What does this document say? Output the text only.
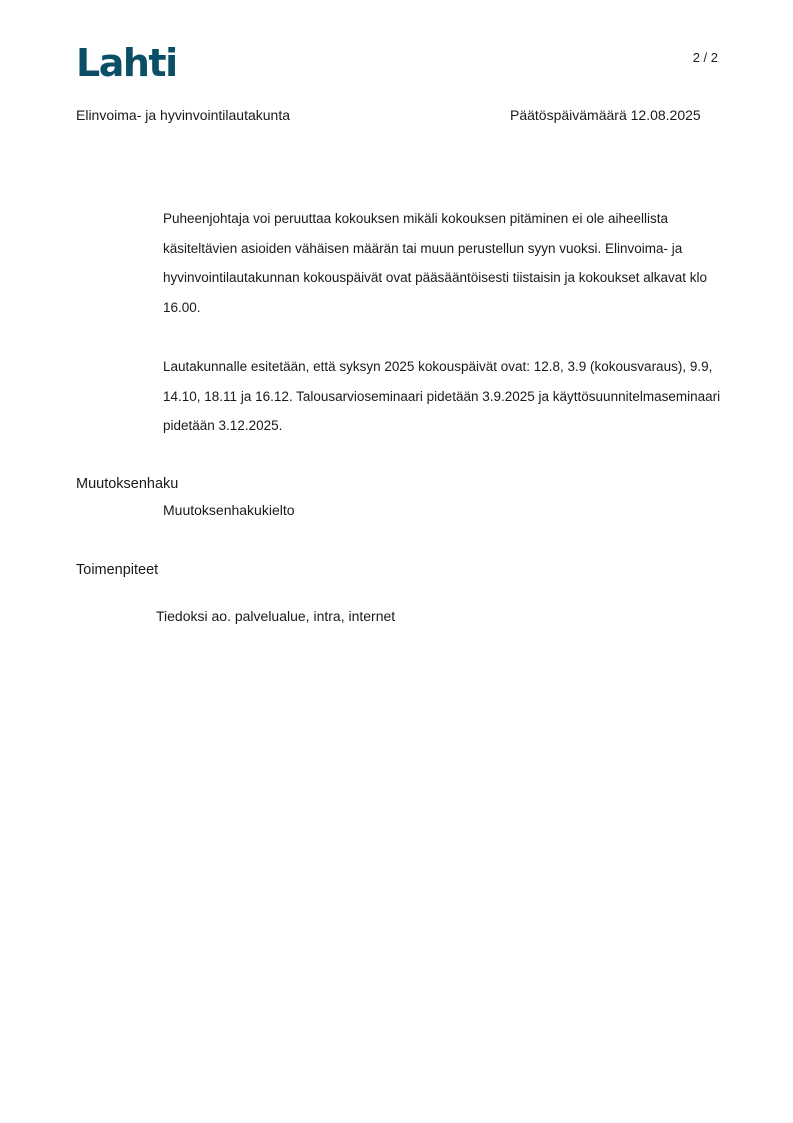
Lahti	2 / 2
Elinvoima- ja hyvinvointilautakunta	Päätöspäivämäärä 12.08.2025
Puheenjohtaja voi peruuttaa kokouksen mikäli kokouksen pitäminen ei ole aiheellista käsiteltävien asioiden vähäisen määrän tai muun perustellun syyn vuoksi. Elinvoima- ja hyvinvointilautakunnan kokouspäivät ovat pääsääntöisesti tiistaisin ja kokoukset alkavat klo 16.00.
Lautakunnalle esitetään, että syksyn 2025 kokouspäivät ovat: 12.8, 3.9 (kokousvaraus), 9.9, 14.10, 18.11 ja 16.12. Talousarvioseminaari pidetään 3.9.2025 ja käyttösuunnitelmaseminaari pidetään 3.12.2025.
Muutoksenhaku
Muutoksenhakukielto
Toimenpiteet
Tiedoksi ao. palvelualue, intra, internet
